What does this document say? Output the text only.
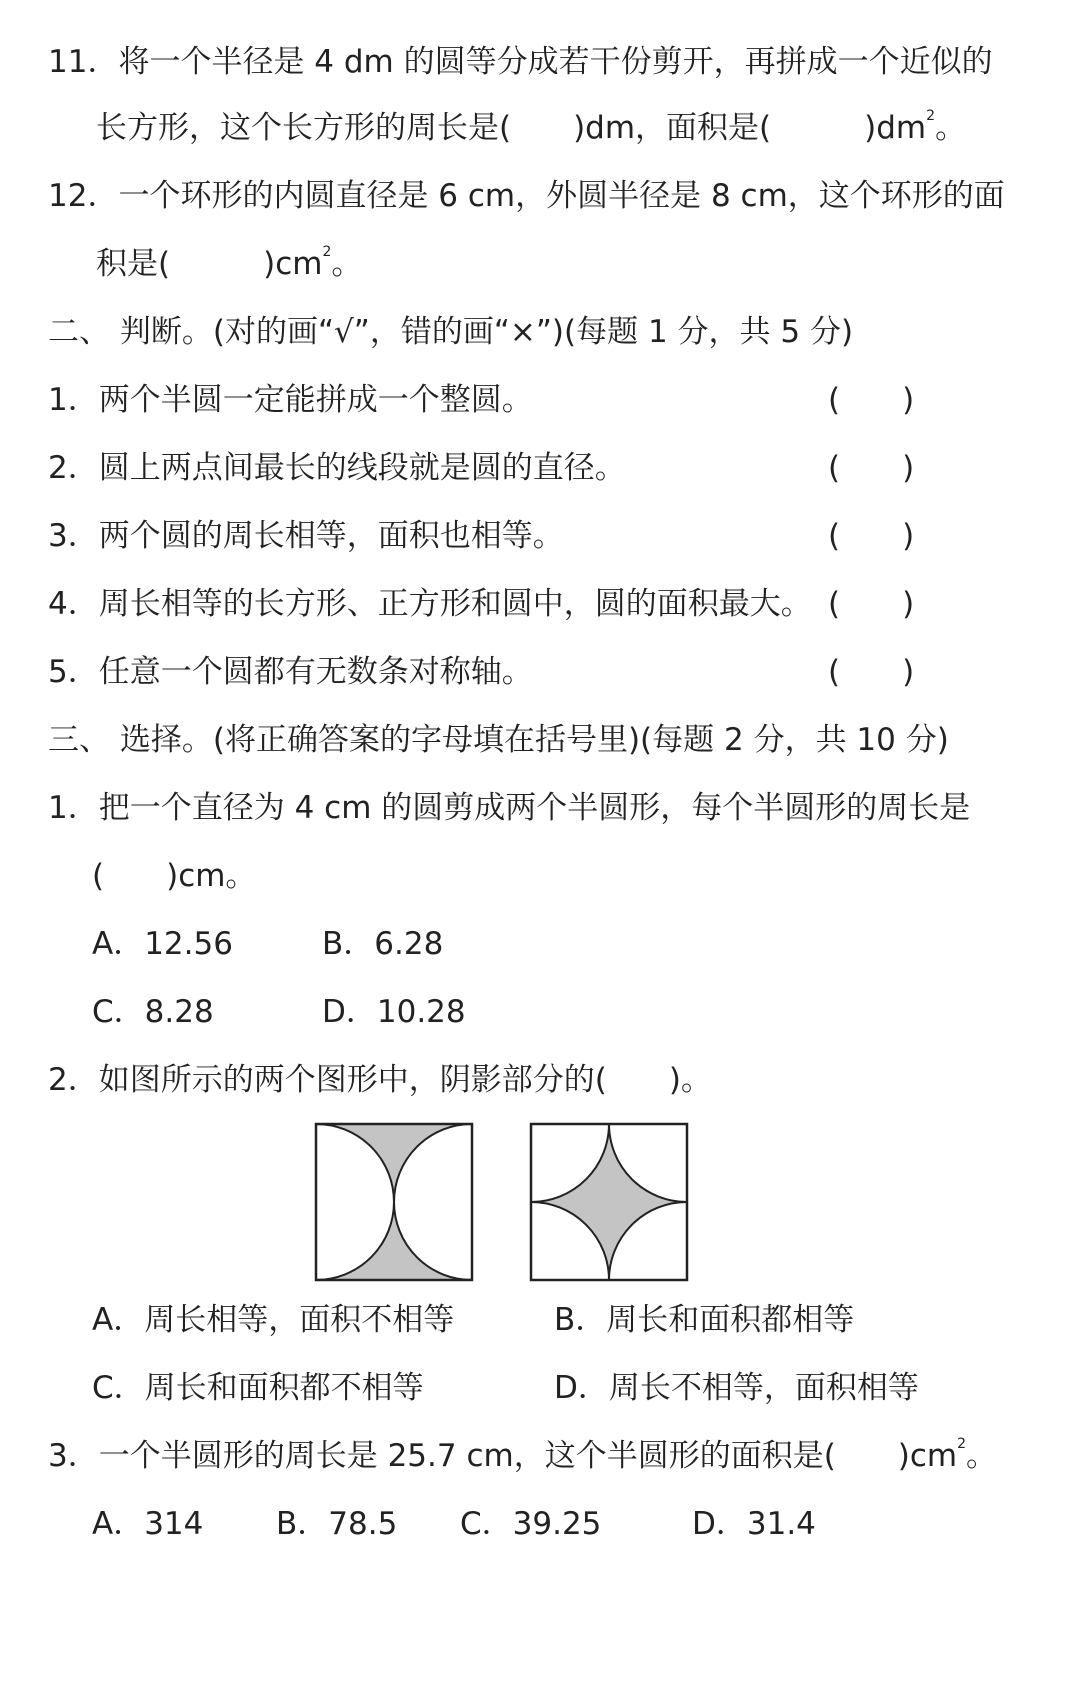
11．将一个半径是 4 dm 的圆等分成若干份剪开，再拼成一个近似的
长方形，这个长方形的周长是(　　)dm，面积是(　　　)$dm^2$。
12．一个环形的内圆直径是 6 cm，外圆半径是 8 cm，这个环形的面
积是(　　　)$cm^2$。
二、 判断。(对的画“√”，错的画“×”)(每题 1 分，共 5 分)
1．两个半圆一定能拼成一个整圆。	(　　)
2．圆上两点间最长的线段就是圆的直径。	(　　)
3．两个圆的周长相等，面积也相等。	(　　)
4．周长相等的长方形、正方形和圆中，圆的面积最大。 (　　)
5．任意一个圆都有无数条对称轴。	(　　)
三、 选择。(将正确答案的字母填在括号里)(每题 2 分，共 10 分)
1．把一个直径为 4 cm 的圆剪成两个半圆形，每个半圆形的周长是
(　　)cm。
A．12.56	B．6.28
C．8.28	D．10.28
2．如图所示的两个图形中，阴影部分的(　　)。
A．周长相等，面积不相等	B．周长和面积都相等
C．周长和面积都不相等	D．周长不相等，面积相等
3．一个半圆形的周长是 25.7 cm，这个半圆形的面积是(　　)$cm^2$。
A．314 B．78.5 C．39.25	D．31.4
